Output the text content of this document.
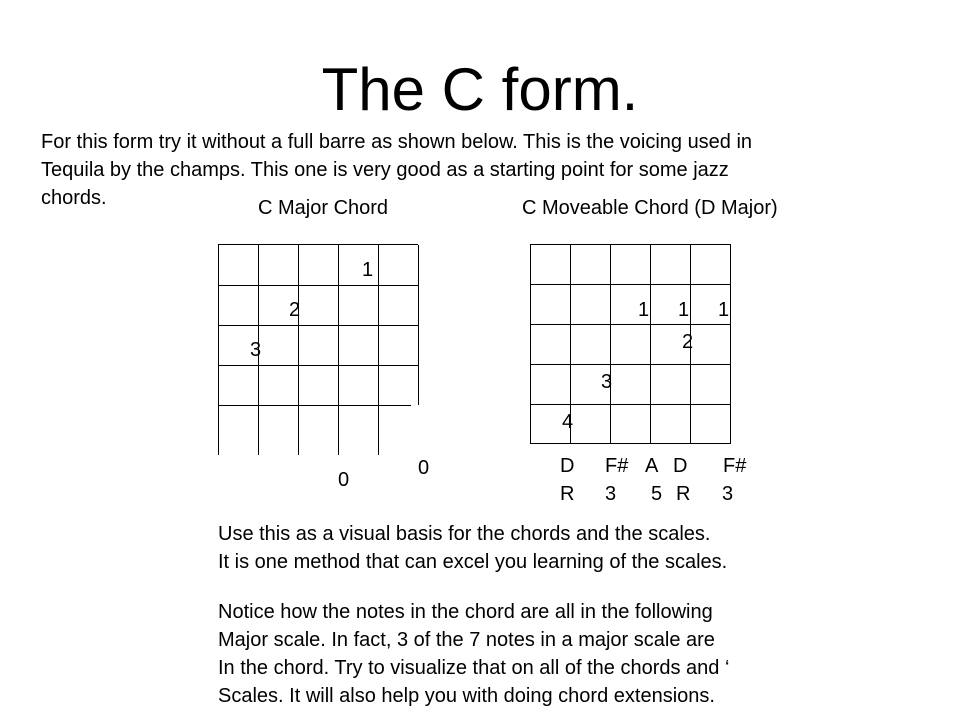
The C form.
For this form try it without a full barre as shown below. This is the voicing used in
Tequila by the champs. This one is very good as a starting point for some jazz
chords.	C Major Chord
1
2
3
0
0
C Moveable Chord (D Major)
1 1 1
2
3
4
D F# A D F#
R 3 5 R 3
Use this as a visual basis for the chords and the scales.
It is one method that can excel you learning of the scales.
Notice how the notes in the chord are all in the following
Major scale. In fact, 3 of the 7 notes in a major scale are
In the chord. Try to visualize that on all of the chords and ‘
Scales. It will also help you with doing chord extensions.
